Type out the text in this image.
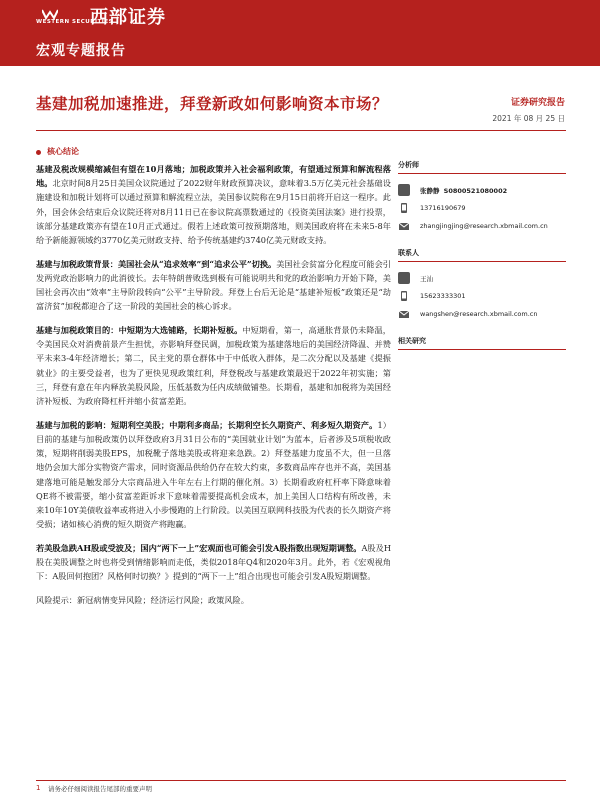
WESTERN SECURITIES
西部证券
宏观专题报告
基建加税加速推进，拜登新政如何影响资本市场？	证券研究报告
2021 年 08 月 25 日
核心结论

基建及税改规模缩减但有望在10月落地；加税政策并入社会福利政策，有望通过预算和解流程落地。北京时间8月25日美国众议院通过了2022财年财政预算决议，意味着3.5万亿美元社会基础设施建设和加税计划将可以通过预算和解流程立法，美国参议院称在9月15日前将开启这一程序。此外，国会休会结束后众议院还将对8月11日已在参议院高票数通过的《投资美国法案》进行投票，该部分基建政策亦有望在10月正式通过。假若上述政策可按预期落地，则美国政府将在未来5-8年给予新能源领域约3770亿美元财政支持、给予传统基建约3740亿美元财政支持。

基建与加税政策背景：美国社会从“追求效率”到“追求公平”切换。美国社会贫富分化程度可能会引发两党政治影响力的此消彼长。去年特朗普败选到极有可能说明共和党的政治影响力开始下降，美国社会再次由“效率”主导阶段转向“公平”主导阶段。拜登上台后无论是“基建补短板”政策还是“劫富济贫”加税都迎合了这一阶段的美国社会的核心诉求。

基建与加税政策目的：中短期为大选铺路，长期补短板。中短期看，第一，高通胀背景仍未降温，令美国民众对消费前景产生担忧，亦影响拜登民调，加税政策为基建落地后的美国经济降温、并赞平未来3-4年经济增长；第二，民主党的票仓群体中于中低收入群体，是二次分配以及基建《提振就业》的主要受益者，也为了更快见现政策红利，拜登税改与基建政策最迟于2022年初实施；第三，拜登有意在年内释放美股风险，压低基数为任内成绩做铺垫。长期看，基建和加税将为美国经济补短板、为政府降杠杆并缩小贫富差距。

基建与加税的影响：短期利空美股；中期利多商品；长期利空长久期资产、利多短久期资产。1）目前的基建与加税政策仍以拜登政府3月31日公布的“美国就业计划”为蓝本，后者涉及5项税收政策，短期将削弱美股EPS，加税靴子落地美股或将迎来急跌。2）拜登基建力度虽不大，但一旦落地仍会加大部分实物资产需求，同时资源品供给仍存在较大约束，多数商品库存也并不高，美国基建落地可能是触发部分大宗商品进入牛年左右上行期的催化剂。3）长期看政府杠杆率下降意味着QE将不被需要，缩小贫富差距诉求下意味着需要提高机会成本，加上美国人口结构有所改善，未来10年10Y美债收益率或将进入小步慢跑的上行阶段。以美国互联网科技股为代表的长久期资产将受损；诸如核心消费的短久期资产将跑赢。

若美股急跌AH股或受波及；国内“两下一上”宏观面也可能会引发A股指数出现短期调整。A股及H股在美股调整之时也将受到情绪影响而走低，类似2018年Q4和2020年3月。此外，若《宏观视角下：A股回何抱团？风格何时切换？》提到的“两下一上”组合出现也可能会引发A股短期调整。

风险提示：新冠病情变异风险；经济运行风险；政策风险。

分析师
张静静 S0800521080002
13716190679
zhangjingjing@research.xbmail.com.cn
联系人
王汕
15623333301
wangshen@research.xbmail.com.cn
相关研究
1 请务必仔细阅读报告尾部的重要声明
